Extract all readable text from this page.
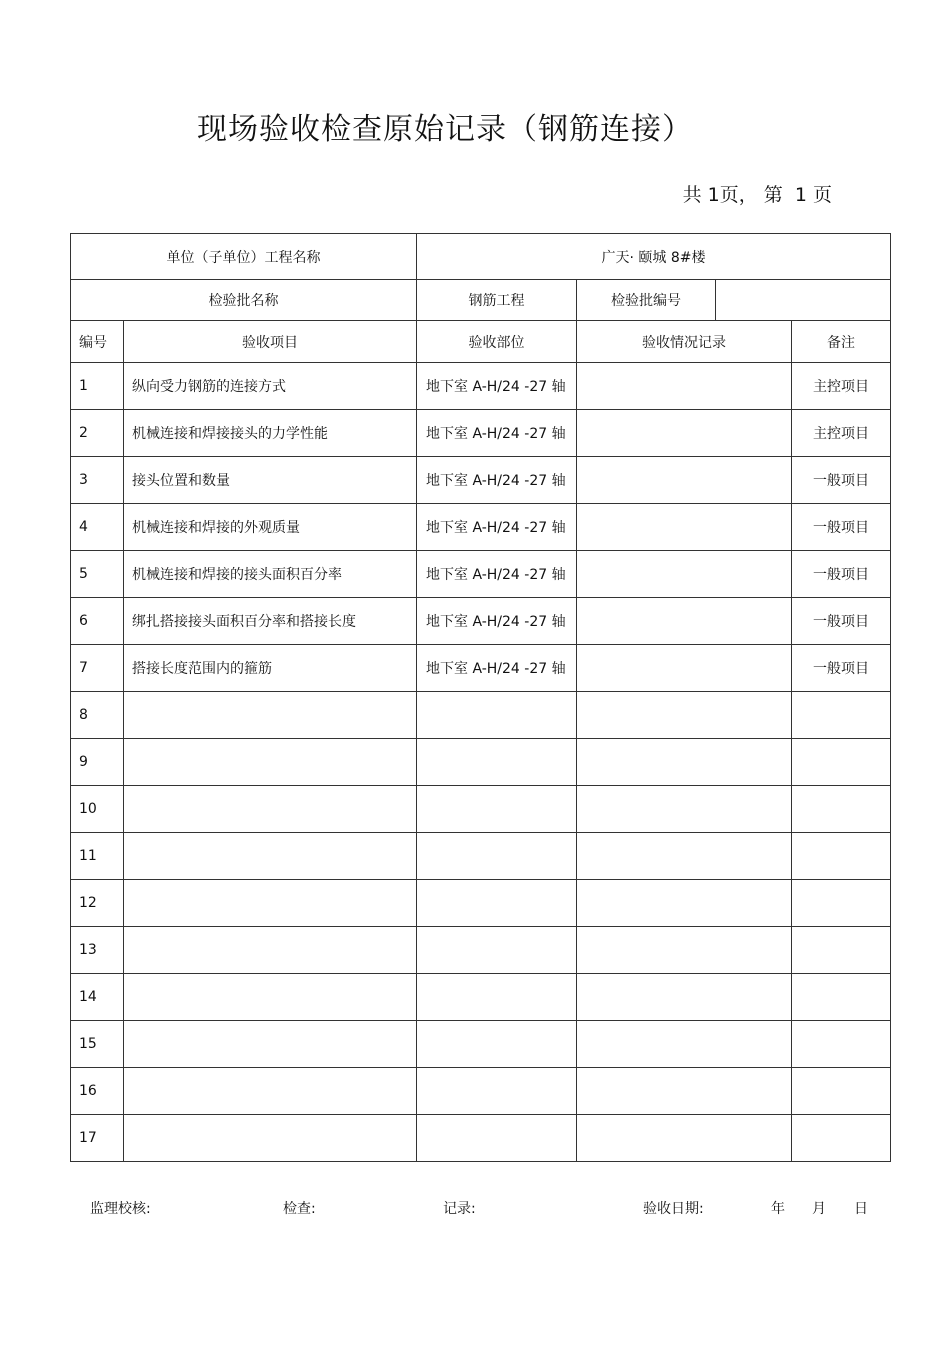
现场验收检查原始记录（钢筋连接）
共 1页， 第  1 页
单位（子单位）工程名称		广天· 颐城 8#楼			
检验批名称		钢筋工程	检验批编号		
编号	验收项目	验收部位	验收情况记录		备注
1	纵向受力钢筋的连接方式	地下室 A-H/24 -27 轴			主控项目
2	机械连接和焊接接头的力学性能	地下室 A-H/24 -27 轴			主控项目
3	接头位置和数量	地下室 A-H/24 -27 轴			一般项目
4	机械连接和焊接的外观质量	地下室 A-H/24 -27 轴			一般项目
5	机械连接和焊接的接头面积百分率	地下室 A-H/24 -27 轴			一般项目
6	绑扎搭接接头面积百分率和搭接长度	地下室 A-H/24 -27 轴			一般项目
7	搭接长度范围内的箍筋	地下室 A-H/24 -27 轴			一般项目
8					
9					
10					
11					
12					
13					
14					
15					
16					
17					
监理校核:	检查:	记录:	验收日期:	年 月 日
